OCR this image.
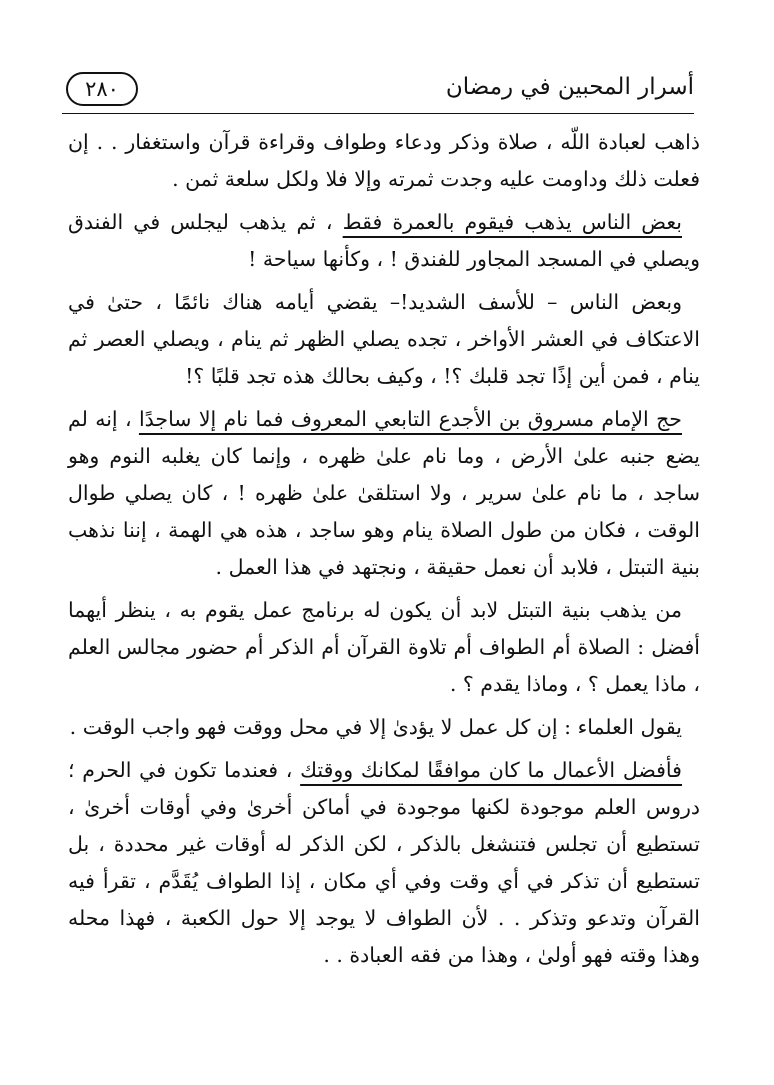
أسرار المحبين في رمضان
٢٨٠

ذاهب لعبادة اللّه ، صلاة وذكر ودعاء وطواف وقراءة قرآن واستغفار . . إن فعلت ذلك وداومت عليه وجدت ثمرته وإلا فلا ولكل سلعة ثمن .

بعض الناس يذهب فيقوم بالعمرة فقط ، ثم يذهب ليجلس في الفندق ويصلي في المسجد المجاور للفندق ! ، وكأنها سياحة !

وبعض الناس – للأسف الشديد!– يقضي أيامه هناك نائمًا ، حتىٰ في الاعتكاف في العشر الأواخر ، تجده يصلي الظهر ثم ينام ، ويصلي العصر ثم ينام ، فمن أين إذًا تجد قلبك ؟! ، وكيف بحالك هذه تجد قلبًا ؟!

حج الإمام مسروق بن الأجدع التابعي المعروف فما نام إلا ساجدًا ، إنه لم يضع جنبه علىٰ الأرض ، وما نام علىٰ ظهره ، وإنما كان يغلبه النوم وهو ساجد ، ما نام علىٰ سرير ، ولا استلقىٰ علىٰ ظهره ! ، كان يصلي طوال الوقت ، فكان من طول الصلاة ينام وهو ساجد ، هذه هي الهمة ، إننا نذهب بنية التبتل ، فلابد أن نعمل حقيقة ، ونجتهد في هذا العمل .

من يذهب بنية التبتل لابد أن يكون له برنامج عمل يقوم به ، ينظر أيهما أفضل : الصلاة أم الطواف أم تلاوة القرآن أم الذكر أم حضور مجالس العلم ، ماذا يعمل ؟ ، وماذا يقدم ؟ .

يقول العلماء : إن كل عمل لا يؤدىٰ إلا في محل ووقت فهو واجب الوقت .

فأفضل الأعمال ما كان موافقًا لمكانك ووقتك ، فعندما تكون في الحرم ؛ دروس العلم موجودة لكنها موجودة في أماكن أخرىٰ وفي أوقات أخرىٰ ، تستطيع أن تجلس فتنشغل بالذكر ، لكن الذكر له أوقات غير محددة ، بل تستطيع أن تذكر في أي وقت وفي أي مكان ، إذا الطواف يُقَدَّم ، تقرأ فيه القرآن وتدعو وتذكر . . لأن الطواف لا يوجد إلا حول الكعبة ، فهذا محله وهذا وقته فهو أولىٰ ، وهذا من فقه العبادة . .
